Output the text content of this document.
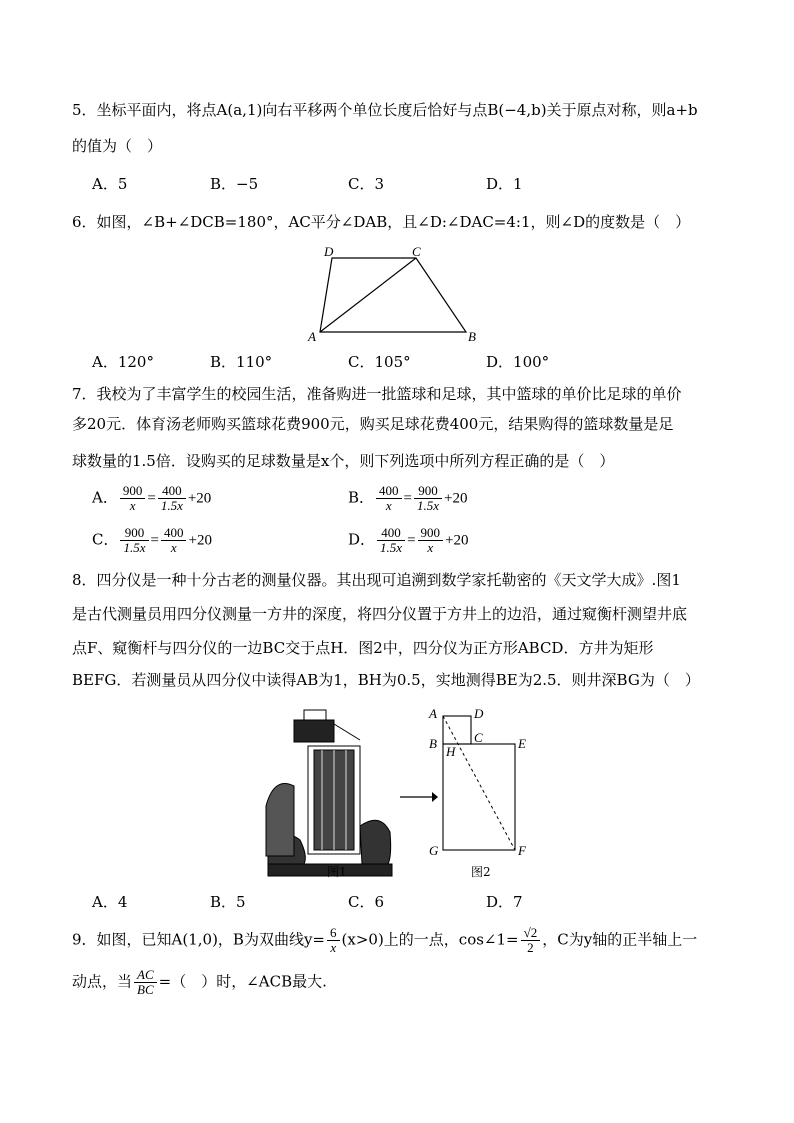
5．坐标平面内，将点A(a,1)向右平移两个单位长度后恰好与点B(−4,b)关于原点对称，则a+b
的值为（　）
A．5	B．−5	C．3	D．1
6．如图，∠B+∠DCB=180°，AC平分∠DAB，且∠D:∠DAC=4:1，则∠D的度数是（　）
D	C
A	B
A．120°	B．110°	C．105°	D．100°
7．我校为了丰富学生的校园生活，准备购进一批篮球和足球，其中篮球的单价比足球的单价
多20元．体育汤老师购买篮球花费900元，购买足球花费400元，结果购得的篮球数量是足
球数量的1.5倍．设购买的足球数量是x个，则下列选项中所列方程正确的是（　）
A． $\frac{900}{x} = \frac{400}{1.5x} +20$	B． $\frac{400}{x} = \frac{900}{1.5x} +20$
C． $\frac{900}{1.5x} = \frac{400}{x} +20$	D． $\frac{400}{1.5x} = \frac{900}{x} +20$
8．四分仪是一种十分古老的测量仪器。其出现可追溯到数学家托勒密的《天文学大成》.图1
是古代测量员用四分仪测量一方井的深度，将四分仪置于方井上的边沿，通过窥衡杆测望井底
点F、窥衡杆与四分仪的一边BC交于点H．图2中，四分仪为正方形ABCD．方井为矩形
BEFG．若测量员从四分仪中读得AB为1，BH为0.5，实地测得BE为2.5．则井深BG为（　）
图1
A	D
B
H
C	E
G	F
图2
A．4	B．5	C．6	D．7
9．如图，已知A(1,0)，B为双曲线$y= \frac{6}{x} (x>0)$上的一点，cos∠1= $\frac{√2}{2}$ ，C为y轴的正半轴上一
动点，当 $\frac{AC}{BC}$ =（　）时，∠ACB最大.
